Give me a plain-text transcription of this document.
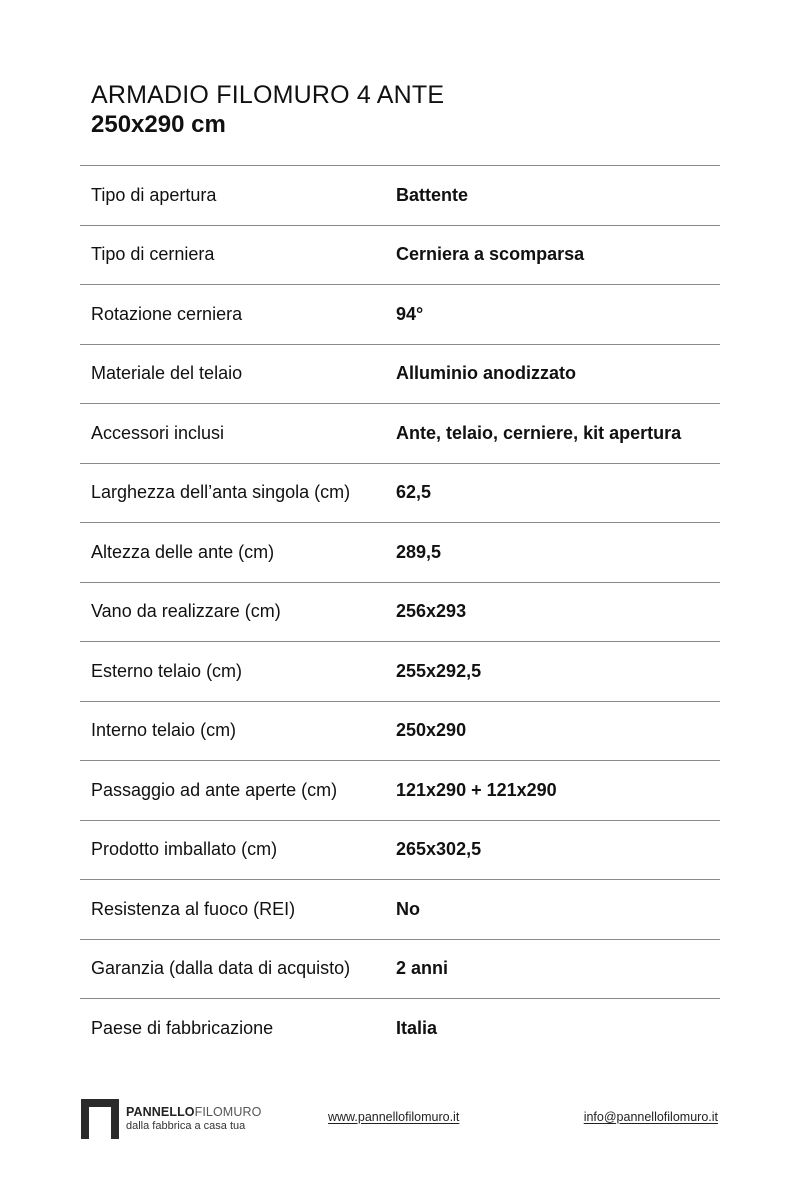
ARMADIO FILOMURO 4 ANTE
250x290 cm
Tipo di apertura	Battente
Tipo di cerniera	Cerniera a scomparsa
Rotazione cerniera	94°
Materiale del telaio	Alluminio anodizzato
Accessori inclusi	Ante, telaio, cerniere, kit apertura
Larghezza dell’anta singola (cm)	62,5
Altezza delle ante (cm)	289,5
Vano da realizzare (cm)	256x293
Esterno telaio (cm)	255x292,5
Interno telaio (cm)	250x290
Passaggio ad ante aperte (cm)	121x290 + 121x290
Prodotto imballato (cm)	265x302,5
Resistenza al fuoco (REI)	No
Garanzia (dalla data di acquisto)	2 anni
Paese di fabbricazione	Italia
PANNELLOFILOMURO
dalla fabbrica a casa tua
www.pannellofilomuro.it	info@pannellofilomuro.it
